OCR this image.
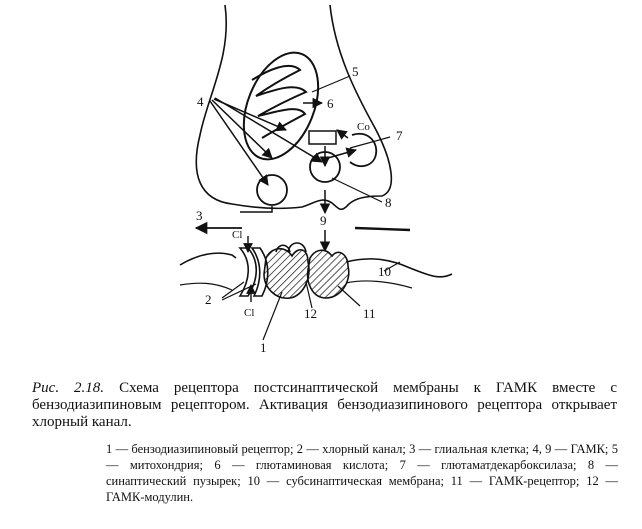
4
5
6
Co
7
8
9
3
Cl
10
2
Cl	12	11
1
Рис. 2.18. Схема рецептора постсинаптической мембраны к ГАМК вместе с бензодиазипиновым рецептором. Активация бензодиазипинового рецептора открывает хлорный канал.
1 — бензодиазипиновый рецептор; 2 — хлорный канал; 3 — глиальная клетка; 4, 9 — ГАМК; 5 — митохондрия; 6 — глютаминовая кислота; 7 — глютаматдекарбоксилаза; 8 — синаптический пузырек; 10 — субсинаптическая мембрана; 11 — ГАМК-рецептор; 12 — ГАМК-модулин.
